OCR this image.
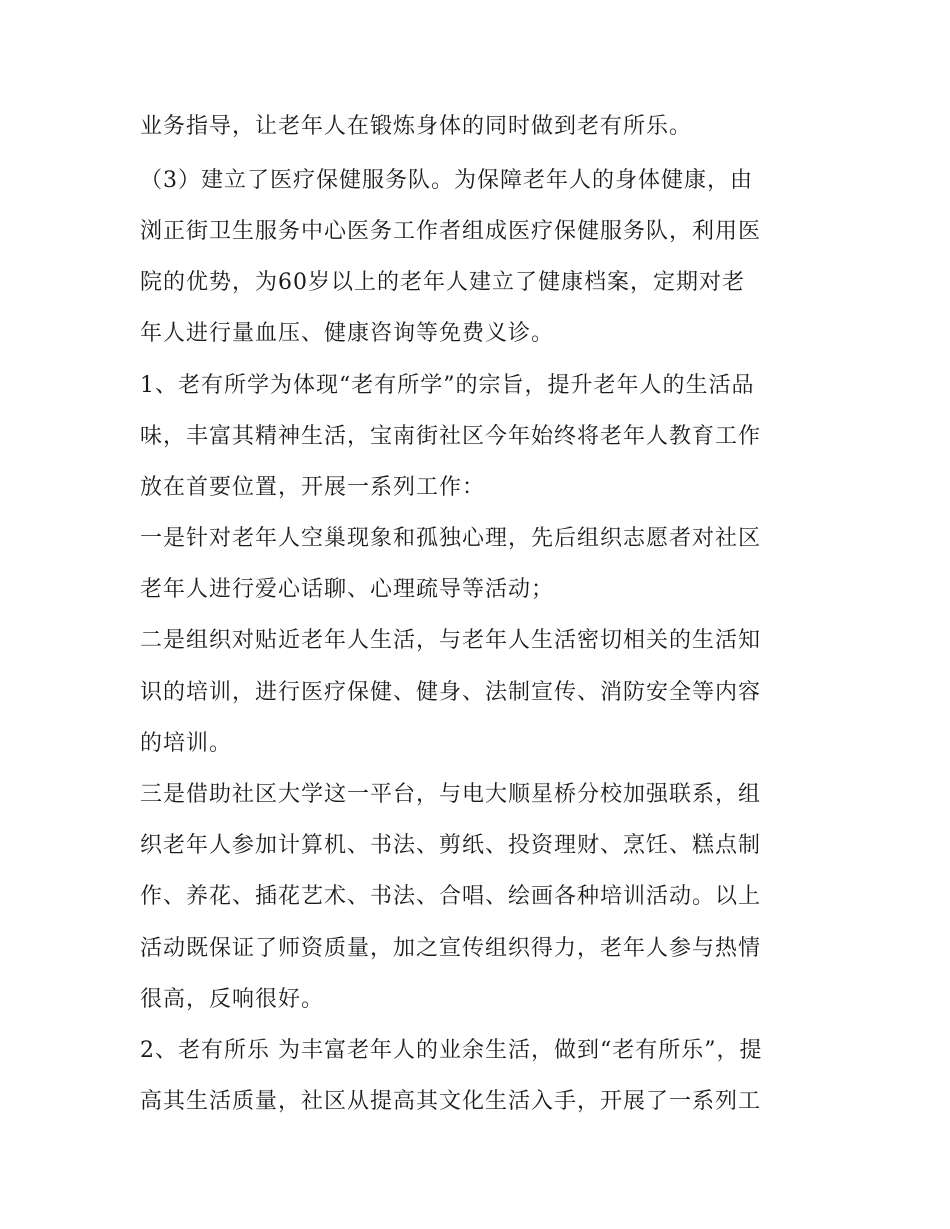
业务指导，让老年人在锻炼身体的同时做到老有所乐。
（3）建立了医疗保健服务队。为保障老年人的身体健康，由
浏正街卫生服务中心医务工作者组成医疗保健服务队，利用医
院的优势，为60岁以上的老年人建立了健康档案，定期对老
年人进行量血压、健康咨询等免费义诊。
1、老有所学为体现“老有所学”的宗旨，提升老年人的生活品
味，丰富其精神生活，宝南街社区今年始终将老年人教育工作
放在首要位置，开展一系列工作：
一是针对老年人空巢现象和孤独心理，先后组织志愿者对社区
老年人进行爱心话聊、心理疏导等活动；
二是组织对贴近老年人生活，与老年人生活密切相关的生活知
识的培训，进行医疗保健、健身、法制宣传、消防安全等内容
的培训。
三是借助社区大学这一平台，与电大顺星桥分校加强联系，组
织老年人参加计算机、书法、剪纸、投资理财、烹饪、糕点制
作、养花、插花艺术、书法、合唱、绘画各种培训活动。以上
活动既保证了师资质量，加之宣传组织得力，老年人参与热情
很高，反响很好。
2、老有所乐 为丰富老年人的业余生活，做到“老有所乐”，提
高其生活质量，社区从提高其文化生活入手，开展了一系列工
